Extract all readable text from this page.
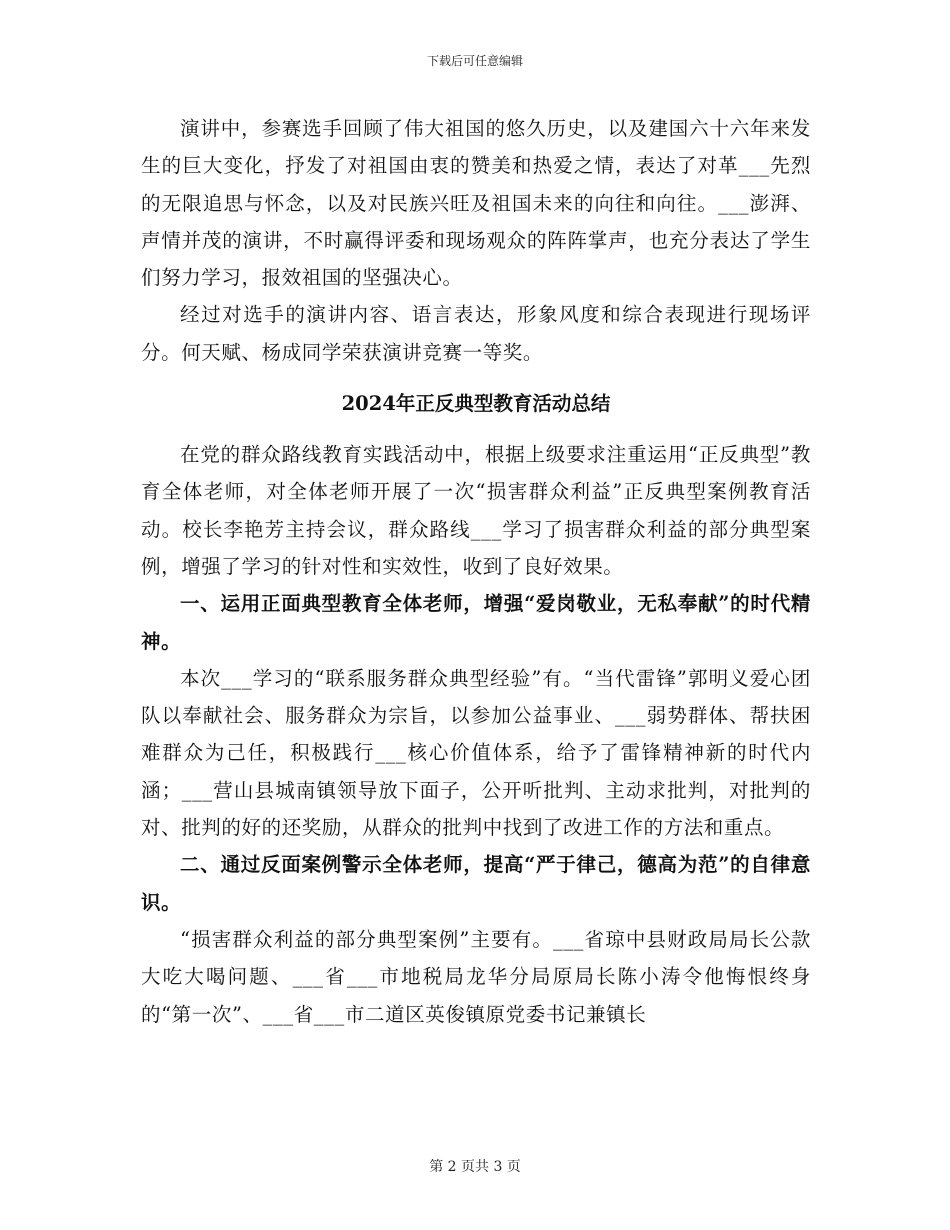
下载后可任意编辑

演讲中，参赛选手回顾了伟大祖国的悠久历史，以及建国六十六年来发生的巨大变化，抒发了对祖国由衷的赞美和热爱之情，表达了对革___先烈的无限追思与怀念，以及对民族兴旺及祖国未来的向往和向往。___澎湃、声情并茂的演讲，不时赢得评委和现场观众的阵阵掌声，也充分表达了学生们努力学习，报效祖国的坚强决心。

经过对选手的演讲内容、语言表达，形象风度和综合表现进行现场评分。何天赋、杨成同学荣获演讲竞赛一等奖。

2024年正反典型教育活动总结

在党的群众路线教育实践活动中，根据上级要求注重运用“正反典型”教育全体老师，对全体老师开展了一次“损害群众利益”正反典型案例教育活动。校长李艳芳主持会议，群众路线___学习了损害群众利益的部分典型案例，增强了学习的针对性和实效性，收到了良好效果。

一、运用正面典型教育全体老师，增强“爱岗敬业，无私奉献”的时代精神。

本次___学习的“联系服务群众典型经验”有。“当代雷锋”郭明义爱心团队以奉献社会、服务群众为宗旨，以参加公益事业、___弱势群体、帮扶困难群众为己任，积极践行___核心价值体系，给予了雷锋精神新的时代内涵；___营山县城南镇领导放下面子，公开听批判、主动求批判，对批判的对、批判的好的还奖励，从群众的批判中找到了改进工作的方法和重点。

二、通过反面案例警示全体老师，提高“严于律己，德高为范”的自律意识。

“损害群众利益的部分典型案例”主要有。___省琼中县财政局局长公款大吃大喝问题、___省___市地税局龙华分局原局长陈小涛令他悔恨终身的“第一次”、___省___市二道区英俊镇原党委书记兼镇长

第 2 页共 3 页
